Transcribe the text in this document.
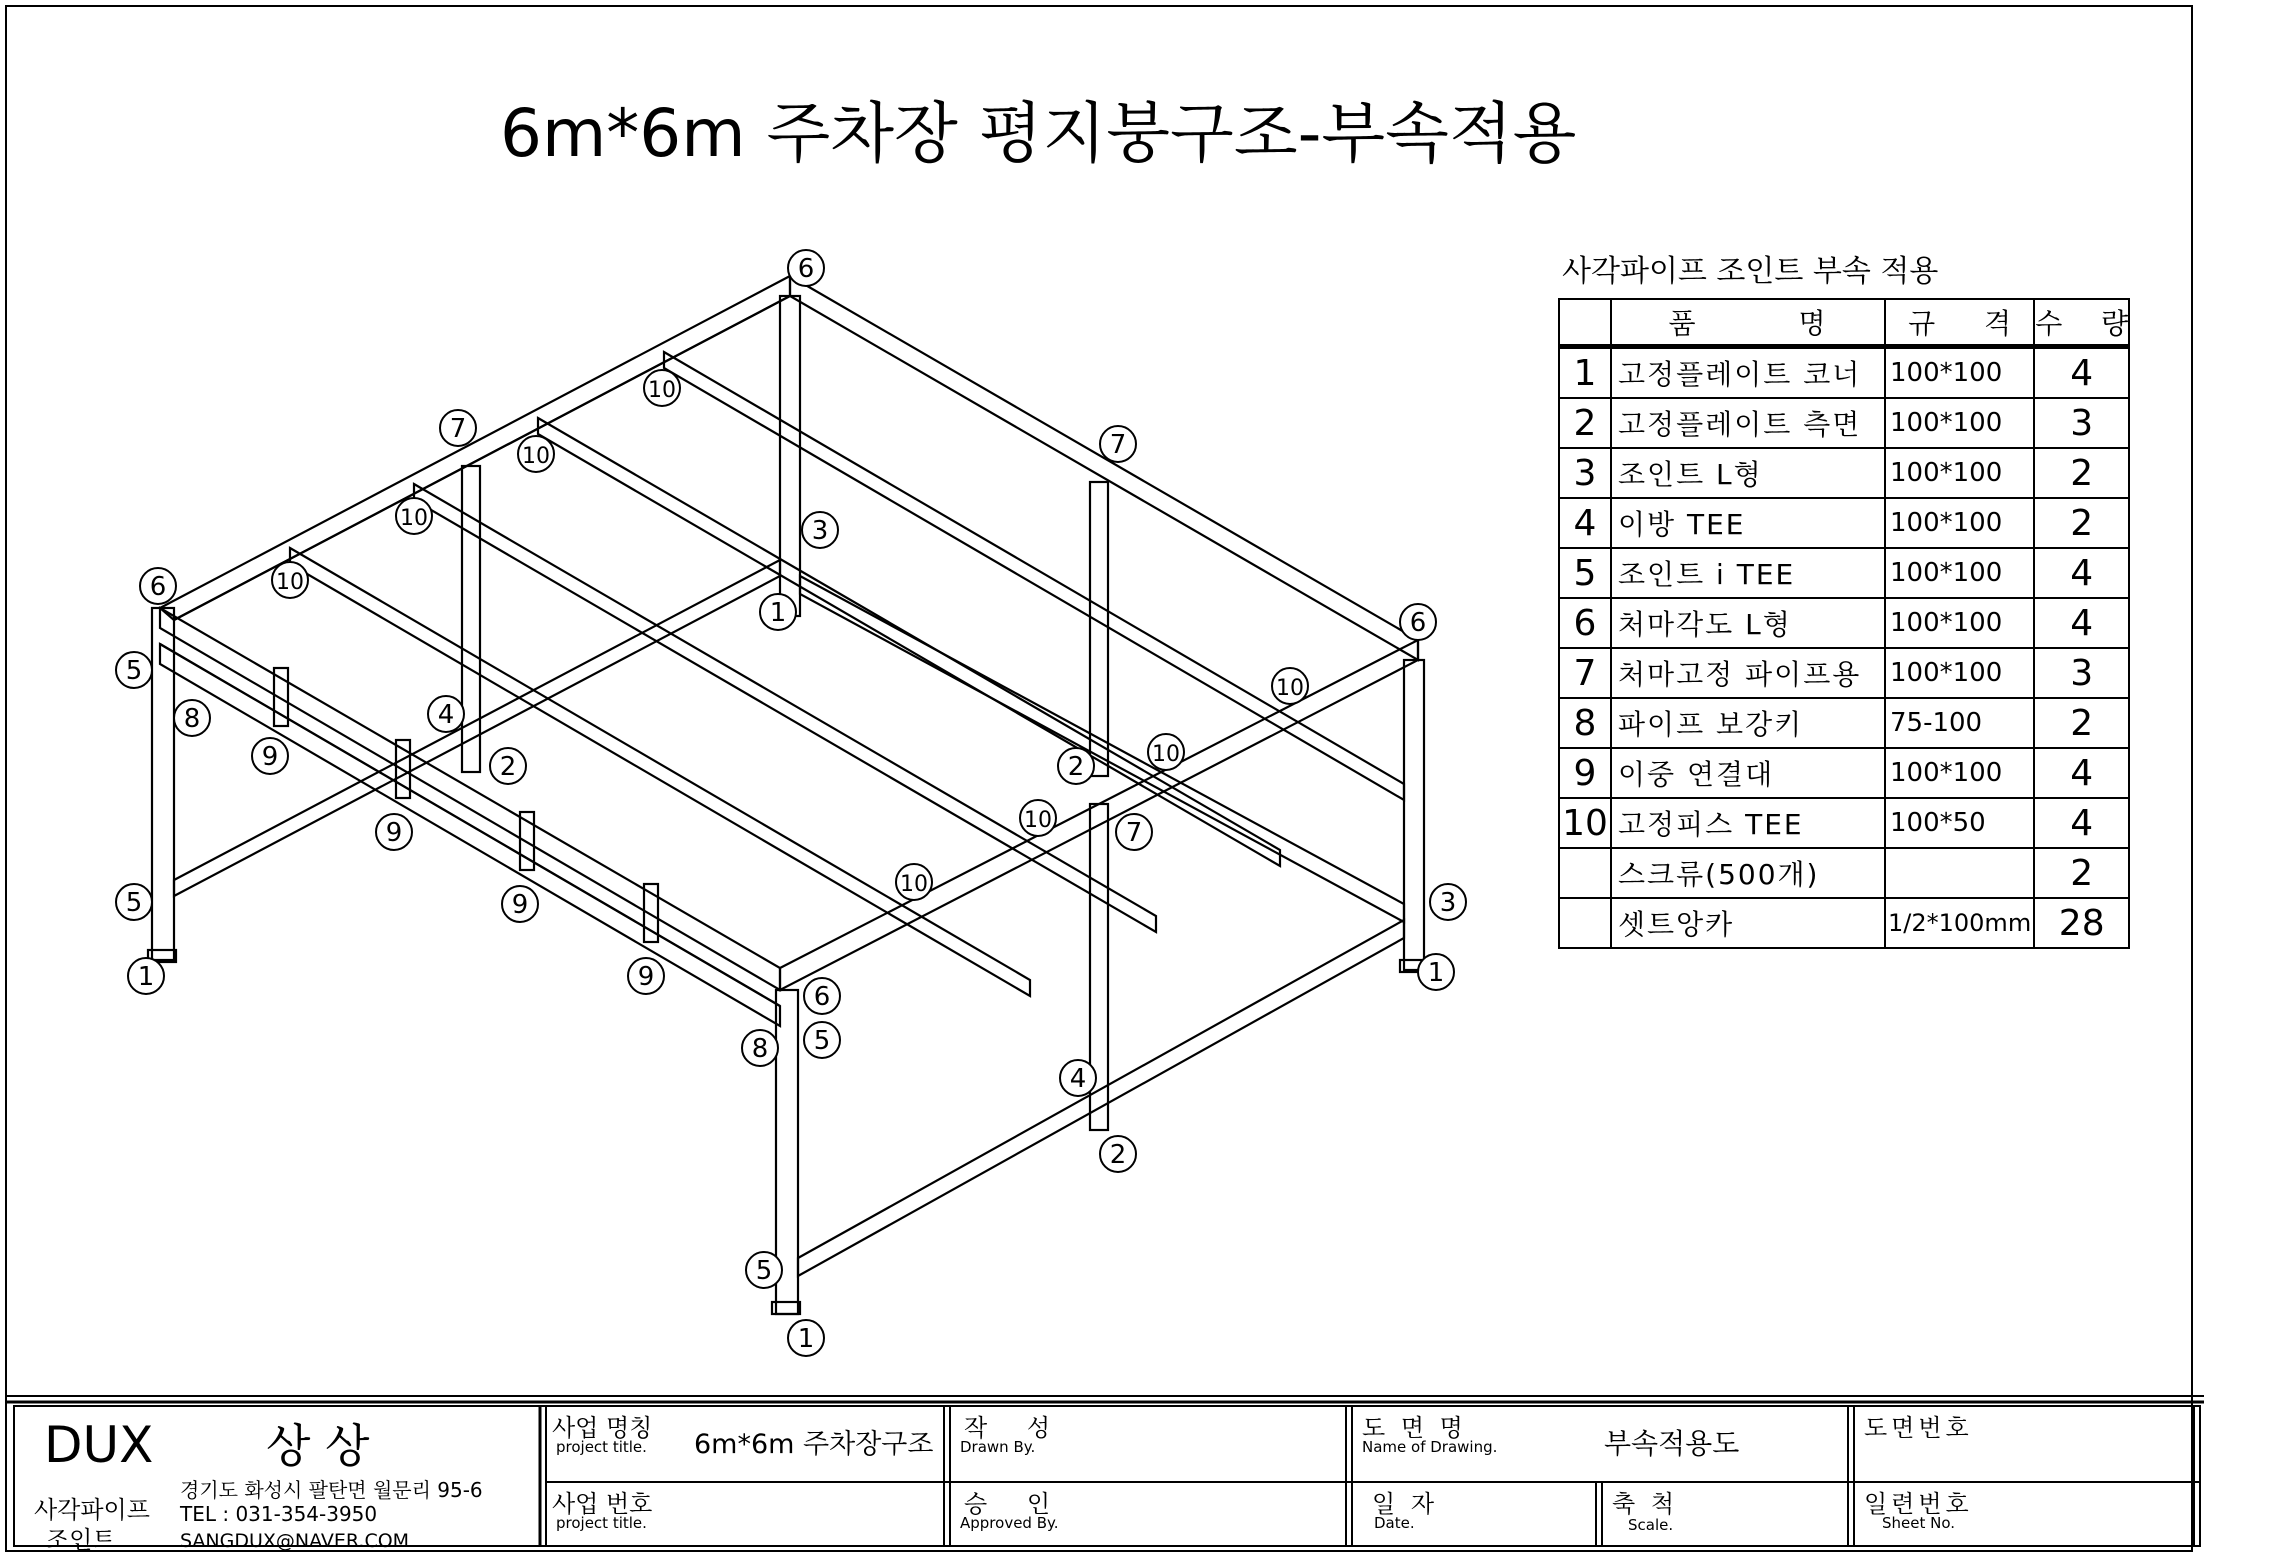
6
10
7
10	7
10	3
6	10
1	6
5
10
8	4
9	2	2	10
10	7
9
10
5	9	3
1	9	1
6
5
8
4
2
5
1
6m*6m 주차장 평지붕구조-부속적용
사각파이프 조인트 부속 적용
	품 명	규 격	수 량
1	고정플레이트 코너	100*100	4
2	고정플레이트 측면	100*100	3
3	조인트 L형	100*100	2
4	이방 TEE	100*100	2
5	조인트 i TEE	100*100	4
6	처마각도 L형	100*100	4
7	처마고정 파이프용	100*100	3
8	파이프 보강키	75-100	2
9	이중 연결대	100*100	4
10	고정피스 TEE	100*50	4
	스크류(500개)		2
	셋트앙카	1/2*100mm	28
DUX 상 상
사각파이프
조인트
경기도 화성시 팔탄면 월문리 95-6
TEL : 031-354-3950
SANGDUX@NAVER.COM
사업 명칭
project title. 6m*6m 주차장구조
사업 번호
project title.
작 성
Drawn By.
승 인
Approved By.
도 면 명
Name of Drawing.	부속적용도
일 자
Date.
축 척
Scale.
도면번호
일련번호
Sheet No.
